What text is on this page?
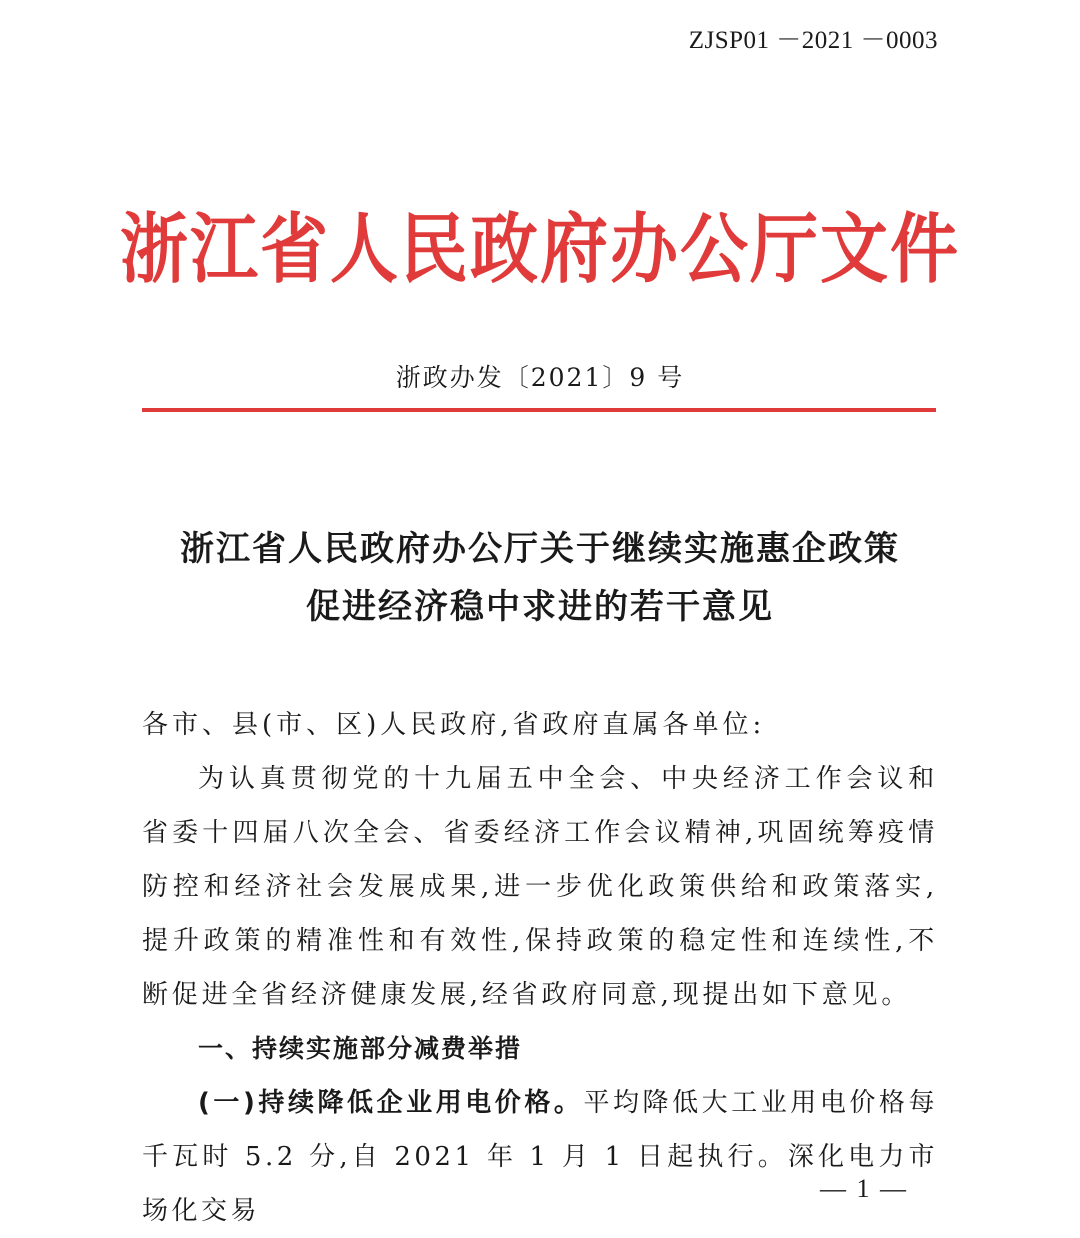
ZJSP01 －2021 －0003
浙江省人民政府办公厅文件
浙政办发〔2021〕9 号
浙江省人民政府办公厅关于继续实施惠企政策
促进经济稳中求进的若干意见
各市、县(市、区)人民政府,省政府直属各单位:
为认真贯彻党的十九届五中全会、中央经济工作会议和省委十四届八次全会、省委经济工作会议精神,巩固统筹疫情防控和经济社会发展成果,进一步优化政策供给和政策落实,提升政策的精准性和有效性,保持政策的稳定性和连续性,不断促进全省经济健康发展,经省政府同意,现提出如下意见。
一、持续实施部分减费举措
(一)持续降低企业用电价格。平均降低大工业用电价格每千瓦时 5.2 分,自 2021 年 1 月 1 日起执行。深化电力市场化交易
— 1 —
